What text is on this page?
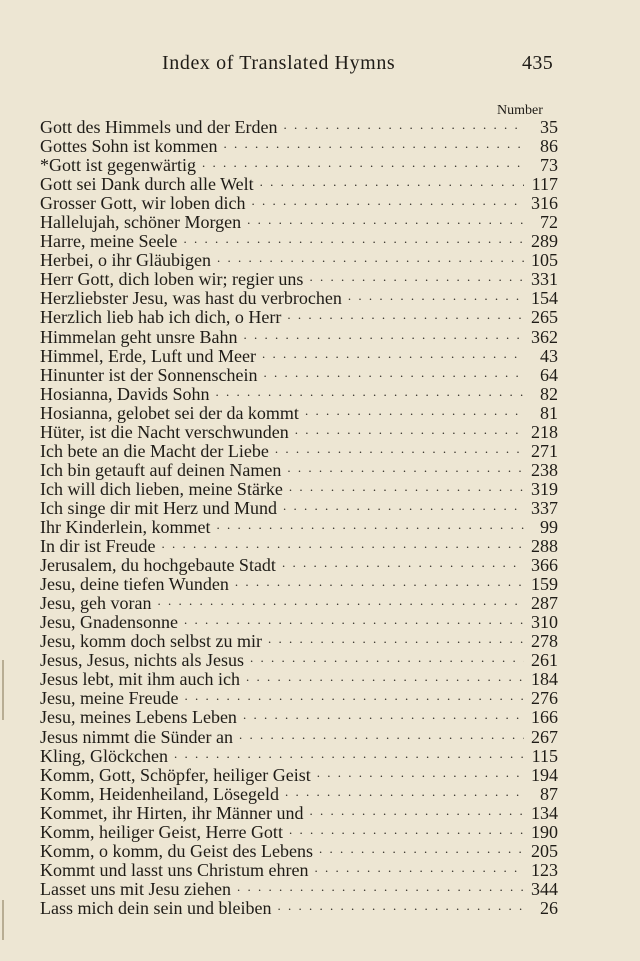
Index of Translated Hymns	435
Number
Gott des Himmels und der Erden . . .	35
Gottes Sohn ist kommen . . .	86
*Gott ist gegenwärtig . . .	73
Gott sei Dank durch alle Welt . . .	117
Grosser Gott, wir loben dich . . .	316
Hallelujah, schöner Morgen . . .	72
Harre, meine Seele . . .	289
Herbei, o ihr Gläubigen . . .	105
Herr Gott, dich loben wir; regier uns . . .	331
Herzliebster Jesu, was hast du verbrochen . . .	154
Herzlich lieb hab ich dich, o Herr . . .	265
Himmelan geht unsre Bahn . . .	362
Himmel, Erde, Luft und Meer . . .	43
Hinunter ist der Sonnenschein . . .	64
Hosianna, Davids Sohn . . .	82
Hosianna, gelobet sei der da kommt . . .	81
Hüter, ist die Nacht verschwunden . . .	218
Ich bete an die Macht der Liebe . . .	271
Ich bin getauft auf deinen Namen . . .	238
Ich will dich lieben, meine Stärke . . .	319
Ich singe dir mit Herz und Mund . . .	337
Ihr Kinderlein, kommet . . .	99
In dir ist Freude . . .	288
Jerusalem, du hochgebaute Stadt . . .	366
Jesu, deine tiefen Wunden . . .	159
Jesu, geh voran . . .	287
Jesu, Gnadensonne . . .	310
Jesu, komm doch selbst zu mir . . .	278
Jesus, Jesus, nichts als Jesus . . .	261
Jesus lebt, mit ihm auch ich . . .	184
Jesu, meine Freude . . .	276
Jesu, meines Lebens Leben . . .	166
Jesus nimmt die Sünder an . . .	267
Kling, Glöckchen . . .	115
Komm, Gott, Schöpfer, heiliger Geist . . .	194
Komm, Heidenheiland, Lösegeld . . .	87
Kommet, ihr Hirten, ihr Männer und . . .	134
Komm, heiliger Geist, Herre Gott . . .	190
Komm, o komm, du Geist des Lebens . . .	205
Kommt und lasst uns Christum ehren . . .	123
Lasset uns mit Jesu ziehen . . .	344
Lass mich dein sein und bleiben . . .	26
